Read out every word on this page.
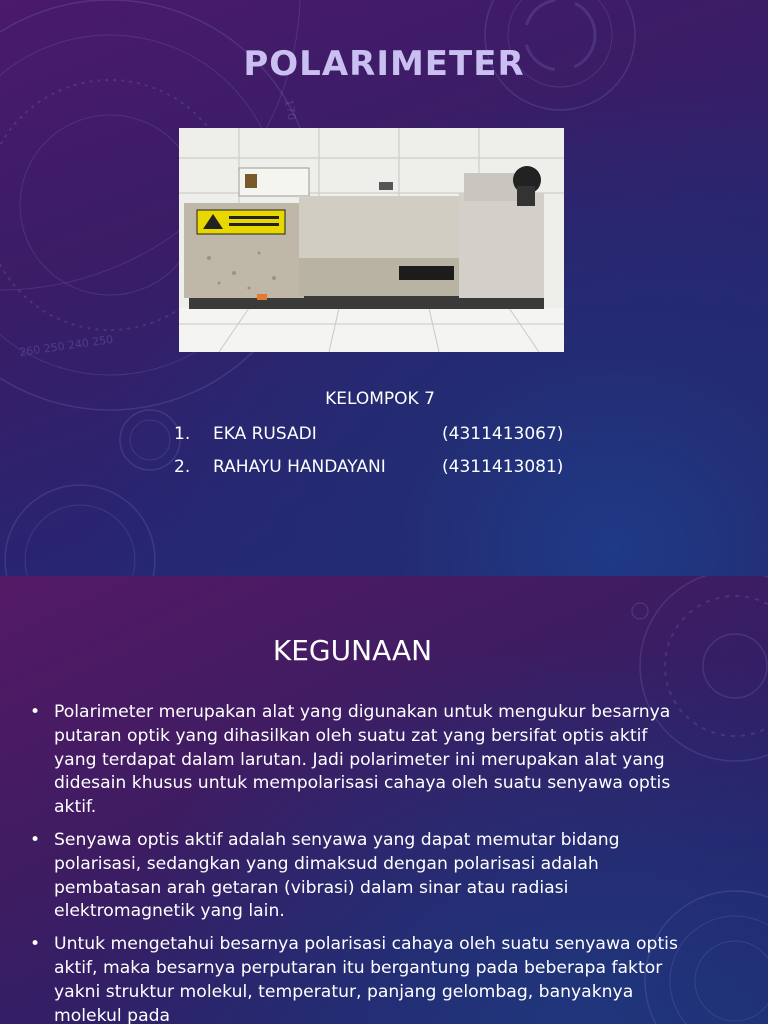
260 250 240 250
170
POLARIMETER
KELOMPOK 7
1. EKA RUSADI	(4311413067)
2. RAHAYU HANDAYANI	(4311413081)
KEGUNAAN
• Polarimeter merupakan alat yang digunakan untuk mengukur besarnya putaran optik yang dihasilkan oleh suatu zat yang bersifat optis aktif yang terdapat dalam larutan. Jadi polarimeter ini merupakan alat yang didesain khusus untuk mempolarisasi cahaya oleh suatu senyawa optis aktif.
• Senyawa optis aktif adalah senyawa yang dapat memutar bidang polarisasi, sedangkan yang dimaksud dengan polarisasi adalah pembatasan arah getaran (vibrasi) dalam sinar atau radiasi elektromagnetik yang lain.
• Untuk mengetahui besarnya polarisasi cahaya oleh suatu senyawa optis aktif, maka besarnya perputaran itu bergantung pada beberapa faktor yakni struktur molekul, temperatur, panjang gelombag, banyaknya molekul pada
